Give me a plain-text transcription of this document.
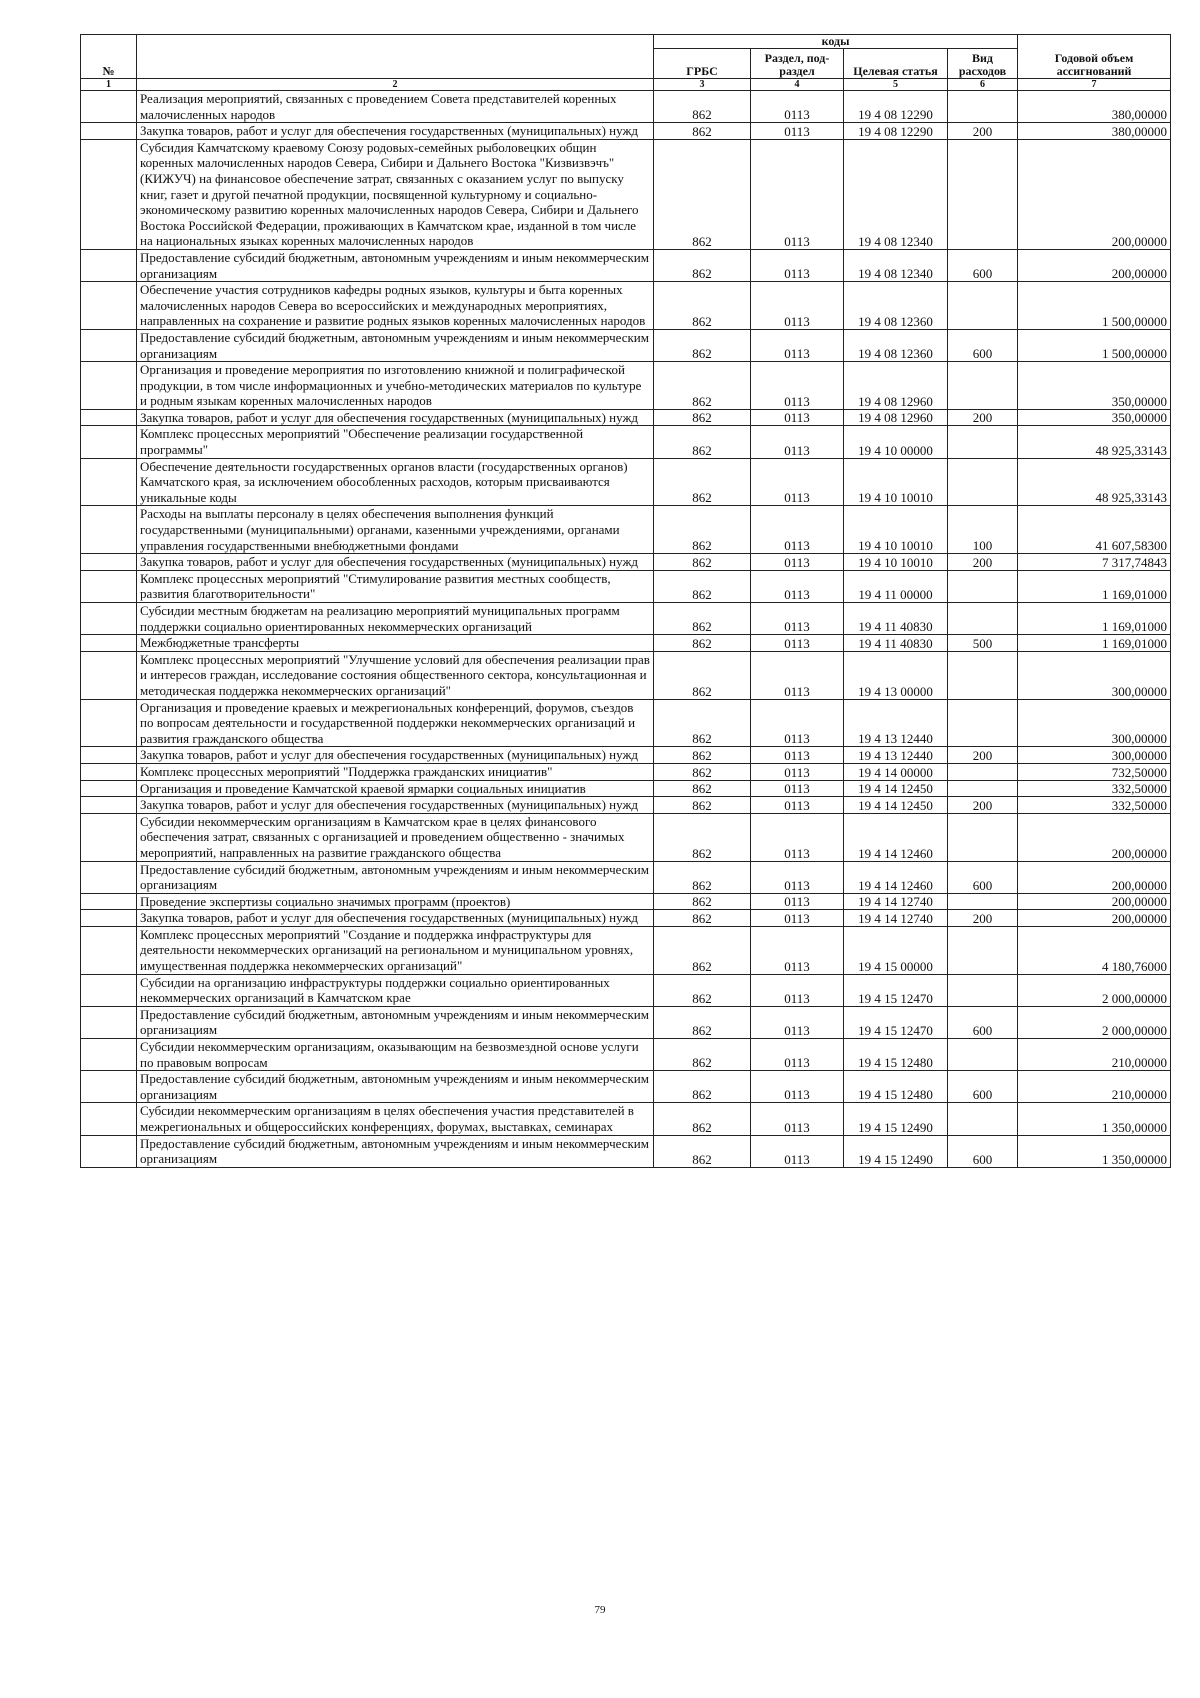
№		коды				Годовой объем ассигнований
		ГРБС	Раздел, под-раздел	Целевая статья	Вид расходов	
1	2	3	4	5	6	7
	Реализация мероприятий, связанных с проведением Совета представителей коренных малочисленных народов	862	0113	19 4 08 12290		380,00000
	Закупка товаров, работ и услуг для обеспечения государственных (муниципальных) нужд	862	0113	19 4 08 12290	200	380,00000
	Субсидия Камчатскому краевому Союзу родовых-семейных рыболовецких общин коренных малочисленных народов Севера, Сибири и Дальнего Востока "Кизвизвэчъ" (КИЖУЧ) на финансовое обеспечение затрат, связанных с оказанием услуг по выпуску книг, газет и другой печатной продукции, посвященной культурному и социально-экономическому развитию коренных малочисленных народов Севера, Сибири и Дальнего Востока Российской Федерации, проживающих в Камчатском крае, изданной в том числе на национальных языках коренных малочисленных народов	862	0113	19 4 08 12340		200,00000
	Предоставление субсидий бюджетным, автономным учреждениям и иным некоммерческим организациям	862	0113	19 4 08 12340	600	200,00000
	Обеспечение участия сотрудников кафедры родных языков, культуры и быта коренных малочисленных народов Севера во всероссийских и международных мероприятиях, направленных на сохранение и развитие родных языков коренных малочисленных народов	862	0113	19 4 08 12360		1 500,00000
	Предоставление субсидий бюджетным, автономным учреждениям и иным некоммерческим организациям	862	0113	19 4 08 12360	600	1 500,00000
	Организация и проведение мероприятия по изготовлению книжной и полиграфической продукции, в том числе информационных и учебно-методических материалов по культуре и родным языкам коренных малочисленных народов	862	0113	19 4 08 12960		350,00000
	Закупка товаров, работ и услуг для обеспечения государственных (муниципальных) нужд	862	0113	19 4 08 12960	200	350,00000
	Комплекс процессных мероприятий "Обеспечение реализации государственной программы"	862	0113	19 4 10 00000		48 925,33143
	Обеспечение деятельности государственных органов власти (государственных органов) Камчатского края, за исключением обособленных расходов, которым присваиваются уникальные коды	862	0113	19 4 10 10010		48 925,33143
	Расходы на выплаты персоналу в целях обеспечения выполнения функций государственными (муниципальными) органами, казенными учреждениями, органами управления государственными внебюджетными фондами	862	0113	19 4 10 10010	100	41 607,58300
	Закупка товаров, работ и услуг для обеспечения государственных (муниципальных) нужд	862	0113	19 4 10 10010	200	7 317,74843
	Комплекс процессных мероприятий "Стимулирование развития местных сообществ, развития благотворительности"	862	0113	19 4 11 00000		1 169,01000
	Субсидии местным бюджетам на реализацию мероприятий муниципальных программ поддержки социально ориентированных некоммерческих организаций	862	0113	19 4 11 40830		1 169,01000
	Межбюджетные трансферты	862	0113	19 4 11 40830	500	1 169,01000
	Комплекс процессных мероприятий "Улучшение условий для обеспечения реализации прав и интересов граждан, исследование состояния общественного сектора, консультационная и методическая поддержка некоммерческих организаций"	862	0113	19 4 13 00000		300,00000
	Организация и проведение краевых и межрегиональных конференций, форумов, съездов по вопросам деятельности и государственной поддержки некоммерческих организаций и развития гражданского общества	862	0113	19 4 13 12440		300,00000
	Закупка товаров, работ и услуг для обеспечения государственных (муниципальных) нужд	862	0113	19 4 13 12440	200	300,00000
	Комплекс процессных мероприятий "Поддержка гражданских инициатив"	862	0113	19 4 14 00000		732,50000
	Организация и проведение Камчатской краевой ярмарки социальных инициатив	862	0113	19 4 14 12450		332,50000
	Закупка товаров, работ и услуг для обеспечения государственных (муниципальных) нужд	862	0113	19 4 14 12450	200	332,50000
	Субсидии некоммерческим организациям в Камчатском крае в целях финансового обеспечения затрат, связанных с организацией и проведением общественно - значимых мероприятий, направленных на развитие гражданского общества	862	0113	19 4 14 12460		200,00000
	Предоставление субсидий бюджетным, автономным учреждениям и иным некоммерческим организациям	862	0113	19 4 14 12460	600	200,00000
	Проведение экспертизы социально значимых программ (проектов)	862	0113	19 4 14 12740		200,00000
	Закупка товаров, работ и услуг для обеспечения государственных (муниципальных) нужд	862	0113	19 4 14 12740	200	200,00000
	Комплекс процессных мероприятий "Создание и поддержка инфраструктуры для деятельности некоммерческих организаций на региональном и муниципальном уровнях, имущественная поддержка некоммерческих организаций"	862	0113	19 4 15 00000		4 180,76000
	Субсидии на организацию инфраструктуры поддержки социально ориентированных некоммерческих организаций в Камчатском крае	862	0113	19 4 15 12470		2 000,00000
	Предоставление субсидий бюджетным, автономным учреждениям и иным некоммерческим организациям	862	0113	19 4 15 12470	600	2 000,00000
	Субсидии некоммерческим организациям, оказывающим на безвозмездной основе услуги по правовым вопросам	862	0113	19 4 15 12480		210,00000
	Предоставление субсидий бюджетным, автономным учреждениям и иным некоммерческим организациям	862	0113	19 4 15 12480	600	210,00000
	Субсидии некоммерческим организациям в целях обеспечения участия представителей в межрегиональных и общероссийских конференциях, форумах, выставках, семинарах	862	0113	19 4 15 12490		1 350,00000
	Предоставление субсидий бюджетным, автономным учреждениям и иным некоммерческим организациям	862	0113	19 4 15 12490	600	1 350,00000
79
